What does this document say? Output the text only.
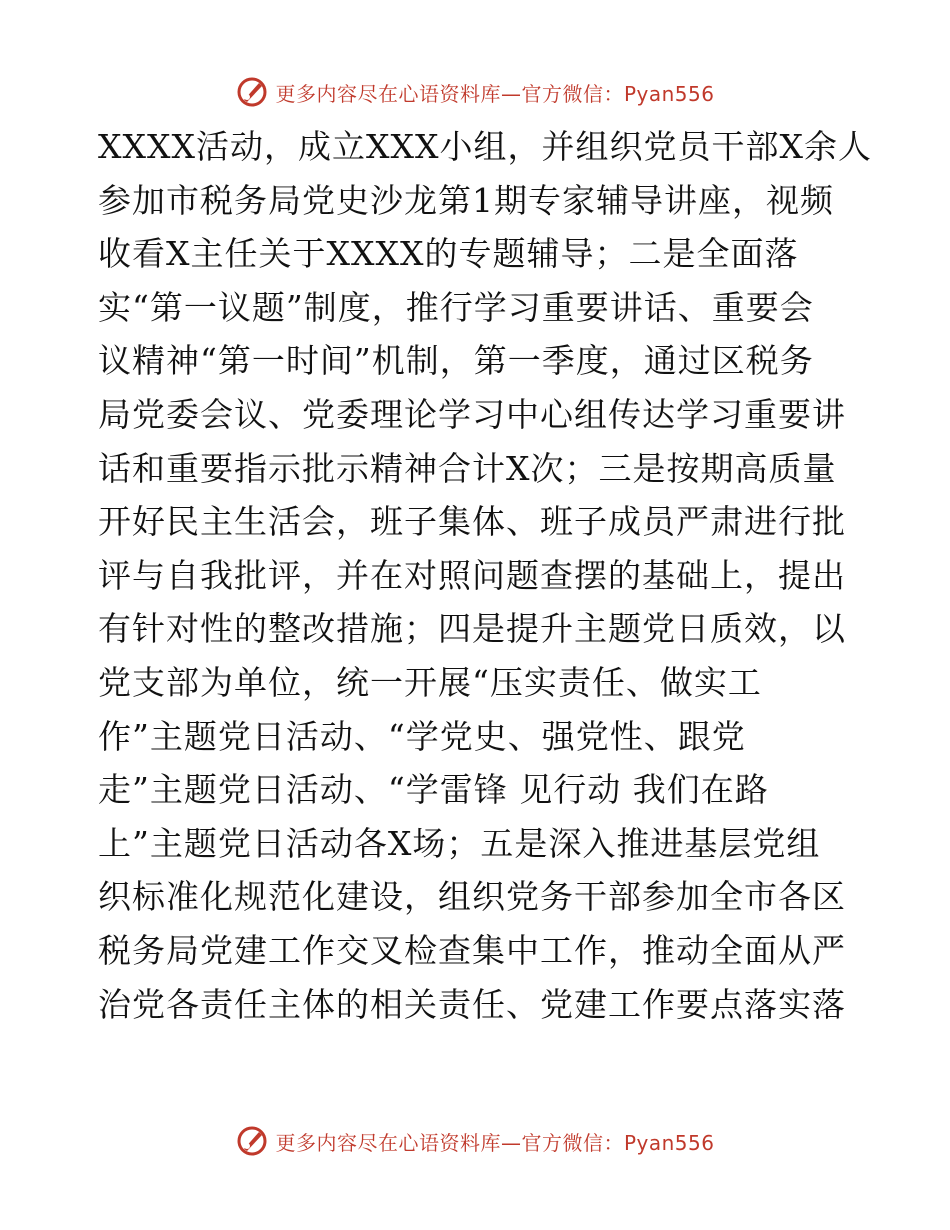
更多内容尽在心语资料库—官方微信：Pyan556
XXXX活动，成立XXX小组，并组织党员干部X余人
参加市税务局党史沙龙第1期专家辅导讲座，视频
收看X主任关于XXXX的专题辅导；二是全面落
实“第一议题”制度，推行学习重要讲话、重要会
议精神“第一时间”机制，第一季度，通过区税务
局党委会议、党委理论学习中心组传达学习重要讲
话和重要指示批示精神合计X次；三是按期高质量
开好民主生活会，班子集体、班子成员严肃进行批
评与自我批评，并在对照问题查摆的基础上，提出
有针对性的整改措施；四是提升主题党日质效，以
党支部为单位，统一开展“压实责任、做实工
作”主题党日活动、“学党史、强党性、跟党
走”主题党日活动、“学雷锋 见行动 我们在路
上”主题党日活动各X场；五是深入推进基层党组
织标准化规范化建设，组织党务干部参加全市各区
税务局党建工作交叉检查集中工作，推动全面从严
治党各责任主体的相关责任、党建工作要点落实落
更多内容尽在心语资料库—官方微信：Pyan556
